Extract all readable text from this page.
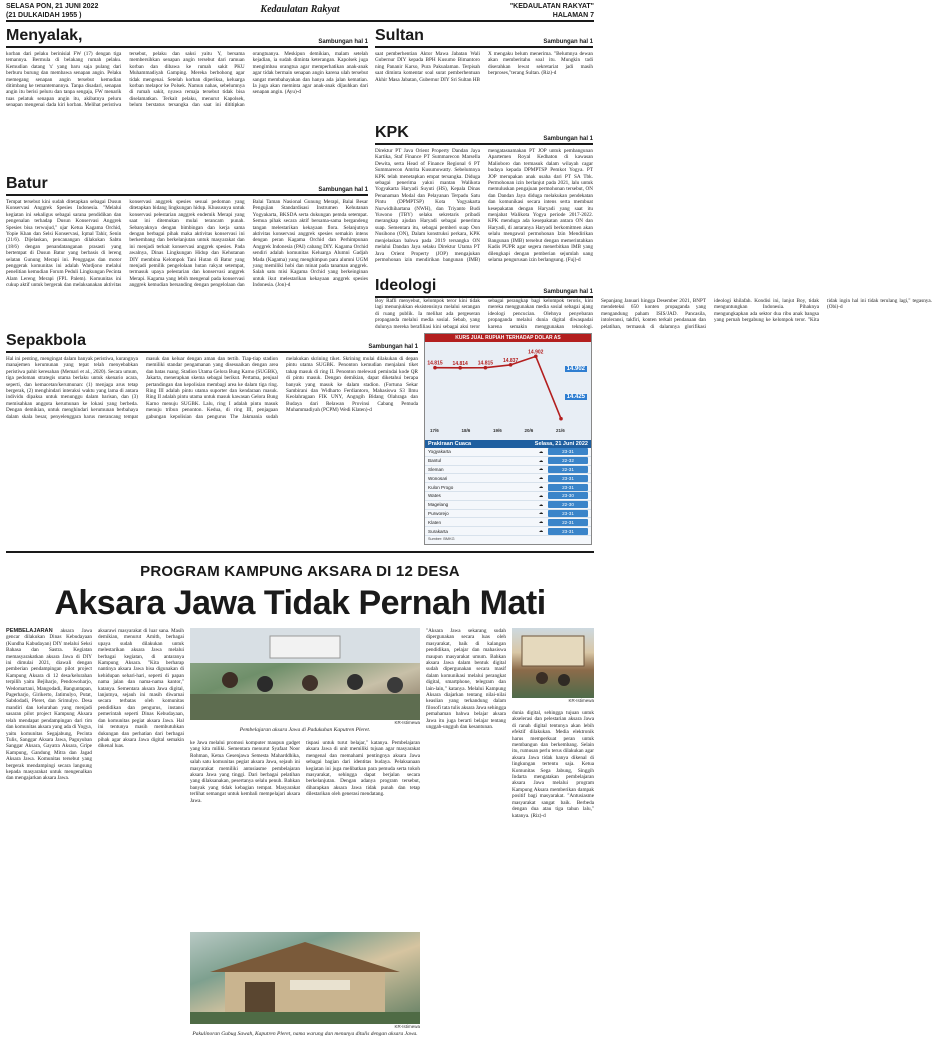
SELASA PON, 21 JUNI 2022
(21 DULKAIDAH 1955 )
Kedaulatan Rakyat	"KEDAULATAN RAKYAT"
HALAMAN 7
Menyalak,	Sambungan hal 1
korban dari pelaku berinisial FW (17) dengan tiga temannya. Bermula di belakang rumah pelaku. Kemudian datang 'x' yang baru saja pulang dari berburu burung dan membawa senapan angin. Pelaku memegang senapan angin tersebut kemudian ditimbang ke temantemannya. Tanpa disadari, senapan angin itu berisi peluru dan tanpa sengaja, FW menarik tuas pelatuk senapan angin itu, akibatnya peluru senapan mengenai dada kiri korban. Melihat peristiwa tersebut, pelaku dan saksi yaitu Y, bersama membersihkan senapan angin tersebut dari ramuan korban dan dibawa ke rumah sakit PKU Muhammadiyah Gamping. Mereka berbohong agar tidak mengenai. Setelah korban diperiksa, keluarga korban melapor ke Polsek. Namun nahas, sebelumnya di rumah sakit, nyawa remaja tersebut tidak bisa diselamatkan. Terkait pelaku, menurut Kapolsek, belum berstatus tersangka dan saat ini dititipkan orangtuanya. Meskipun demikian, malam setelah kejadian, ia sudah diminta keterangan. Kapolsek juga mengimbau orangtua agar memperhatikan anak-anak agar tidak bermain senapan angin karena ulah tersebut sangat membahayakan dan hanya ada jalan kematian. Ia juga akan meminta agar anak-anak dijauhkan dari senapan angin. (Ayu)-d
Sultan	Sambungan hal 1
saat pemberhentian Aktor Mawa Jabatan Wali Gubernur DIY kepada BPH Kusumo Bimantoro ning Pananir Karso, Pura Pakualaman. Terpisah saat diminta komentar soal surat pemberhentuan Akhir Masa Jabatan, Gubernur DIY Sri Sultan HB X mengaku belum menerima. "Belumnya dewan akan memberitahu soal itu. Mungkin tadi diserahkan lewat sekretariat jadi masih berproses,"terang Sultan. (Riz)-d
KPK	Sambungan hal 1
Direktur PT Java Orient Property Dandan Jaya Kartika, Staf Finance PT Summarecon Marsella Dewita, serta Head of Finance Regional 6 PT Summarecon Amrita Kusumowatty. Sebelumnya KPK telah menetapkan empat tersangka. Diduga sebagai penerima yakni mantan Walikota Yogyakarta Haryadi Suyuti (HS), Kepala Dinas Penanaman Modal dan Pelayanan Terpadu Satu Pintu (DPMPTSP) Kota Yogyakarta Nurwidhihartana (NWH), dan Triyanto Budi Yuwono (TBY) selaku sekretaris pribadi merangkap ajudan Haryadi sebagai penerima suap. Sementara itu, sebagai pemberi suap Oon Nusihono (ON), Dalam konstruksi perkara, KPK menjelaskan bahwa pada 2019 tersangka ON melalui Dandan Jaya selaku Direktur Utama PT Java Orient Property (JOP) mengajukan permohonan izin mendirikan bangunan (IMB) mengatasnamakan PT JOP untuk pembangunan Apartemen Royal Kedhaton di kawasan Malioboro dan termasuk dalam wilayah cagar budaya kepada DPMPTSP Pemkot Yogya. PT JOP merupakan anak usaha dari PT SA Tbk. Permohonan izin berlanjut pada 2021, lalu untuk memuluskan pengajuan permohonan tersebut, ON dan Dandan Jaya diduga melakukan pendekatan dan komunikasi secara intens serta membuat kesepakatan dengan Haryadi yang saat itu menjabat Walikota Yogya periode 2017-2022. KPK menduga ada kesepakatan antara ON dan Haryadi, di antaranya Haryadi berkomitmen akan selalu mengawal permohonan Izin Mendirikan Bangunan (IMB) tersebut dengan memerintahkan Kadis PUPR agar segera menerbitkan IMB yang dilengkapi dengan pemberian sejumlah uang selama pengurusan izin berlangsung. (Fuj)-d
Batur	Sambungan hal 1
Tempat tersebut kini sudah ditetapkan sebagai Dusun Konservasi Anggrek Spesies Indonesia. "Melalui kegiatan ini sekaligus sebagai sarana pendidikan dan pengenalan terhadap Dusun Konservasi Anggrek Spesies bisa terwujud," ujar Ketua Kagama Orchid, Yopie Khan dan Selsi Konservasi, Iqmal Tahir, Senin (21/6). Dijelaskan, pencanangan dilakukan Sabtu (18/6) dengan penandatanganan prasasti yang bertempat di Dusun Batur yang berbasis di lereng selatan Gunung Merapi ini. Penggagas dan motor penggerak komunitas ini adalah Wardjono melalui penelitian kemudian Forum Peduli Lingkungan Pecinta Alam Lereng Merapi (FPL Palem). Komunitas ini cukup aktif untuk bergerak dan melaksanakan aktivitas konservasi anggrek spesies sesuai pedoman yang ditetapkan bidang lingkungan hidup. Khususnya untuk konservasi pelestarian anggrek endemik Merapi yang saat ini ditemukan mulai terancam punah. Sebanyaknya dengan bimbingan dan kerja sama dengan berbagai pihak maka aktivitas konservasi ini berkembang dan berkelanjutan untuk masyarakat dan ini menjadi terkait konservasi anggrek spesies. Pada awalnya, Dinas Lingkungan Hidup dan Kehutanan DIY membina Kelompok Tani Hutan di Batur yang menjadi pemilik pengelolaan hutan rakyat setempat, termasuk upaya pelestarian dan konservasi anggrek Merapi. Kagama yang lebih mengenal pada konservasi anggrek kemudian bersanding dengan pengelolaan dan Balai Taman Nasional Gunung Merapi, Balai Besar Pengujian Standardisasi Instrumen Kehutanan Yogyakarta, BKSDA serta dukungan pemda setempat. Semua pihak secara aktif bersama-sama bergandeng tangan melestarikan kekayaan flora. Selanjutnya aktivitas konservasi anggrek spesies semakin intens dengan peran Kagama Orchid dan Perhimpunan Anggrek Indonesia (PAI) cabang DIY. Kagama Orchid sendiri adalah komunitas Keluarga Alumni Gadjah Mada (Kagama) yang menghimpun para alumni UGM yang memiliki hobi dan minat pada tanaman anggrek. Salah satu misi Kagama Orchid yang berkeinginan untuk ikut melestarikan kekayaan anggrek spesies Indonesia. (Jon)-d	Ideologi	Sambungan hal 1
Boy Rafli menyebut, kelompok teror kini tidak lagi menunjukkan eksistensinya melalui serangan di ruang publik. Ia melihat ada pergeseran propaganda melalui media sosial. Sebab, yang dulunya mereka berafiliasi kini sebagai aksi teror sebagai perangkap bagi kelompok teroris, kini mereka menggunakan media sosial sebagai ajang ideologi pencucian. Olehnya penyebaran propaganda melalui dunia digital diwaspadai karena semakin menggunakan teknologi. Sepanjang Januari hingga Desember 2021, BNPT mendeteksi 650 konten propaganda yang mengandung paham ISIS/JAD. Pancasila, intoleransi, takfiri, konten terkait pendanaan dan pelatihan, termasuk di dalamnya glorifikasi ideologi khilafah. Kondisi ini, lanjut Boy, tidak menguntungkan Indonesia. Pihaknya mengungkapkan ada sektor dua ribu anak bangsa yang pernah bergabung ke kelompok teror. "Kita tidak ingin hal ini tidak terulang lagi," tegasnya. (Obi)-d
Sepakbola	Sambungan hal 1
Hal ini penting, mengingat dalam banyak peristiwa, kurangnya manajemen kerumunan yang tepat telah menyebabkan peristiwa pahit keresahan (Memari et al., 2020). Secara umum, tiga pedoman strategis utama berlaku untuk skenario acara, seperti, dan kemacetan/kerumunan: (1) menjaga arus tetap bergerak, (2) menghindari interaksi waktu yang lama di antara individu dipaksa untuk menunggu dalam barisan, dan (3) memisahkan anggota kerumunan ke lokasi yang berbeda. Dengan demikian, untuk menghindari kerumunan berbahaya dalam skala besar, penyelenggara harus merancang tempat masuk dan keluar dengan aman dan tertib. Tiap-tiap stadion memiliki standar pengamanan yang disesuaikan dengan area dan batas ruang. Stadion Utama Gelora Bung Karno (SUGBK), Jakarta, menerapkan skema sebagai berikut. Pertama, penjual pertandingan dan kepolisian membagi area ke dalam tiga ring. Ring III adalah pintu utama suporter dan kendaraan masuk. Ring II adalah pintu utama untuk masuk kawasan Gelora Bung Karno menuju SUGBK. Lalu, ring I adalah pintu masuk menuju tribun penonton. Kedua, di ring III, penjagaan gabungan kepolisian dan pengurus The Jakmania sudah melakukan skrining tiket. Skrining mulai dilakukan di depan pintu utama SUGBK. Penonton kemudian menjalani tiket tahap masuk di ring II. Penonton melewati pemindai kode QR di pintu masuk. Dengan demikian, dapat diketahui berapa banyak yang masuk ke dalam stadion. (Fortuna Sekar Sambirani dan Widharto Ferdiantoro, Mahasiswa S3 Ilmu Keolahragaan FIK UNY, Angngih Bidang Olahraga dan Budaya dari Relawan Provinsi Cabang Pemuda Muhammadiyah (PCPM) Wedi Klaten)-d
KURS JUAL RUPIAH TERHADAP DOLAR AS
14.815 14.814 14.815 14.837
14.902
14.902
14.425
17/6	18/6	19/6	20/6	21/6
Prakiraan Cuaca	Selasa, 21 Juni 2022
Yogyakarta	☁	23-31
Bantul	☁	22-32
Sleman	☁	22-31
Wonosari	☁	23-31
Kulon Progo	☁	23-31
Wates	☁	23-30
Magelang	☁	22-30
Purworejo	☁	23-31
Klaten	☁	22-31
Surakarta	☁	23-31
Sumber: BMKG
PROGRAM KAMPUNG AKSARA DI 12 DESA
Aksara Jawa Tidak Pernah Mati
PEMBELAJARAN aksara Jawa gencar dilakukan Dinas Kebudayaan (Kundha Kabudayan) DIY melalui Seksi Bahasa dan Sastra. Kegiatan memasyarakatkan aksara Jawa di DIY ini dimulai 2021, diawali dengan pemberian pendampingan pilot project Kampung Aksara di 12 desa/kelurahan terpilih yaitu Bejiharjo, Pendowoharjo, Wedomartani, Mangodadi, Banguntapan, Pagerharjo, Girikerto, Jatimulyo, Putat, Sabdodadi, Pleret, dan Srimulyo. Desa mandiri dan kelurahan yang menjadi sasaran pilot project Kampung Aksara telah mendapat pendampingan dari tim dan komunitas aksara yang ada di Yogya, yaitu komunitas Segajabung, Pecinta Tulis, Sanggar Aksara Jawa, Paguyuban Sanggar Aksara, Gayatra Aksara, Gripe Kampung, Gandung Mitra dan Jagad Aksara Jawa. Komunitas tersebut yang bergerak mendampingi secara langsung kepada masyarakat untuk mengenalkan dan mengajarkan aksara Jawa.
aksarawi masyarakat di luar sana. Masih demikian, menurut Amith, berbagai upaya sudah dilakukan untuk melestarikan aksara Jawa melalui berbagai kegiatan, di antaranya Kampung Aksara. "Kita berharap nantinya aksara Jawa bisa digunakan di kehidupan sehari-hari, seperti di papan nama jalan dan nama-nama kantor," katanya. Sementara aksara Jawa digital, lanjutnya, sejauh ini masih diwarnai secara terbatas oleh komunitas pendidikan dan pengurus, instansi pemerintah seperti Dinas Kebudayaan, dan komunitas pegiat aksara Jawa. Hal ini tentunya masih membutuhkan dukungan dan perhatian dari berbagai pihak agar aksara Jawa digital semakin dikenal luas.
KR-Istimewa
Pembelajaran aksara Jawa di Padukuhan Kaputren Pleret.
ke Jawa melalui promosi komputer maupun gadget yang kita miliki. Sementara menurut Syafaat Noor Rohman, Ketua Gesenjawa Semesta Maharddhika, salah satu komunitas pegiat aksara Jawa, sejauh ini masyarakat memiliki antusiasme pembelajaran aksara Jawa yang tinggi. Dari berbagai pelatihan yang dilaksanakan, pesertanya selalu penuh. Bahkan banyak yang tidak kebagian tempat. Masyarakat terlihat semangat untuk kembali mempelajari aksara Jawa.
tispasi untuk turut belajar," katanya. Pembelajaran aksara Jawa di unit memiliki tujuan agar masyarakat mengenal dan memahami pentingnya aksara Jawa sebagai bagian dari identitas budaya. Pelaksanaan kegiatan ini juga melibatkan para pemuda serta tokoh masyarakat, sehingga dapat berjalan secara berkelanjutan. Dengan adanya program tersebut, diharapkan aksara Jawa tidak punah dan tetap dilestarikan oleh generasi mendatang.
KR-Istimewa
Pakulinoran Gubug Sawah, Kaputren Pleret, nama warung dan menunya ditulis dengan aksara Jawa.
"Aksara Jawa sekarang sudah dipergunakan secara luas oleh masyarakat, baik di kalangan pendidikan, pelajar dan mahasiswa maupun masyarakat umum. Bahkan aksara Jawa dalam bentuk digital sudah dipergunakan secara masif dalam komunikasi melalui perangkat digital, smartphone, telegram dan lain-lain," katanya. Melalui Kampung Aksara diajarkan tentang nilai-nilai keaslian yang terkandung dalam filosofi tata tulis aksara Jawa sehingga pemahaman bahwa belajar aksara Jawa itu juga berarti belajar tentang unggah-ungguh dan kesantunan.
KR-Istimewa
dunia digital, sehingga tujuan untuk akselerasi dan pelestarian aksara Jawa di ranah digital tentunya akan lebih efektif dilakukan. Media elektronik harus memperkuat peran untuk membangun dan berkembang. Selain itu, rumusan perlu terus dilakukan agar aksara Jawa tidak hanya dikenal di lingkungan tertentu saja. Ketua Komunitas Sega Jabung, Singgih Indarta mengatakan pembelajaran aksara Jawa melalui program Kampung Aksara memberikan dampak positif bagi masyarakat. "Antusiasme masyarakat sangat baik. Berbeda dengan dua atau tiga tahun lalu," katanya. (Riz)-d
